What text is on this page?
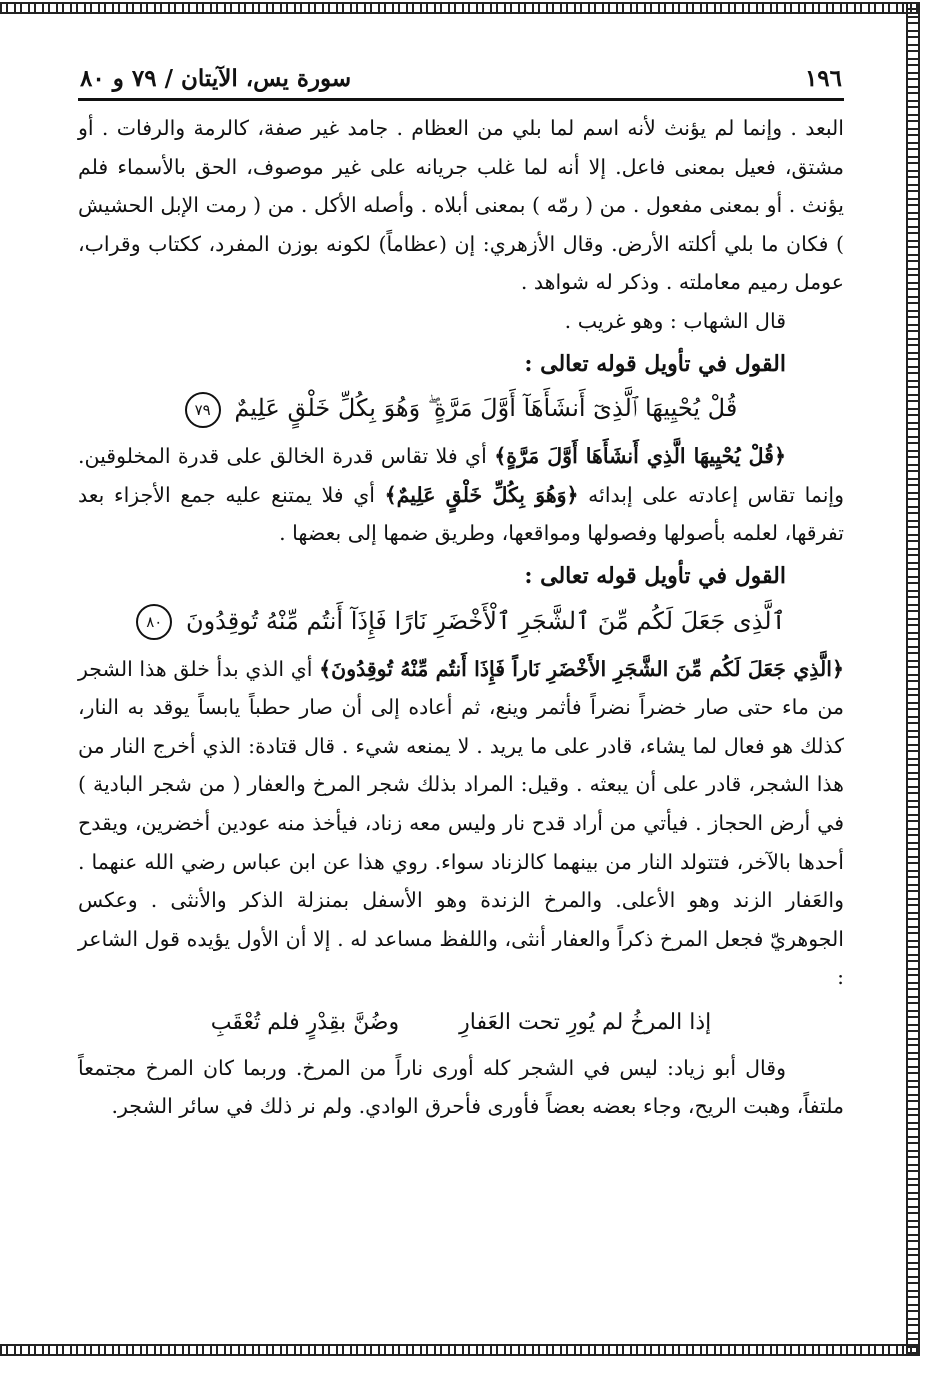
١٩٦
سورة يس، الآيتان / ٧٩ و ٨٠

البعد . وإنما لم يؤنث لأنه اسم لما بلي من العظام . جامد غير صفة، كالرمة والرفات . أو مشتق، فعيل بمعنى فاعل. إلا أنه لما غلب جريانه على غير موصوف، الحق بالأسماء فلم يؤنث . أو بمعنى مفعول . من ( رمّه ) بمعنى أبلاه . وأصله الأكل . من ( رمت الإبل الحشيش ) فكان ما بلي أكلته الأرض. وقال الأزهري: إن (عظاماً) لكونه بوزن المفرد، ككتاب وقراب، عومل رميم معاملته . وذكر له شواهد .

قال الشهاب : وهو غريب .

القول في تأويل قوله تعالى :

قُلْ يُحْيِيهَا ٱلَّذِىٓ أَنشَأَهَآ أَوَّلَ مَرَّةٍ ۖ وَهُوَ بِكُلِّ خَلْقٍ عَلِيمٌ ٧٩

﴿قُلْ يُحْيِيهَا الَّذِي أَنشَأَهَا أَوَّلَ مَرَّةٍ﴾ أي فلا تقاس قدرة الخالق على قدرة المخلوقين. وإنما تقاس إعادته على إبدائه ﴿وَهُوَ بِكُلِّ خَلْقٍ عَلِيمٌ﴾ أي فلا يمتنع عليه جمع الأجزاء بعد تفرقها، لعلمه بأصولها وفصولها ومواقعها، وطريق ضمها إلى بعضها .

القول في تأويل قوله تعالى :

ٱلَّذِى جَعَلَ لَكُم مِّنَ ٱلشَّجَرِ ٱلْأَخْضَرِ نَارًا فَإِذَآ أَنتُم مِّنْهُ تُوقِدُونَ ٨٠

﴿الَّذِي جَعَلَ لَكُم مِّنَ الشَّجَرِ الأَخْضَرِ نَاراً فَإِذَا أَنتُم مِّنْهُ تُوقِدُونَ﴾ أي الذي بدأ خلق هذا الشجر من ماء حتى صار خضراً نضراً فأثمر وينع، ثم أعاده إلى أن صار حطباً يابساً يوقد به النار، كذلك هو فعال لما يشاء، قادر على ما يريد . لا يمنعه شيء . قال قتادة: الذي أخرج النار من هذا الشجر، قادر على أن يبعثه . وقيل: المراد بذلك شجر المرخ والعفار ( من شجر البادية ) في أرض الحجاز . فيأتي من أراد قدح نار وليس معه زناد، فيأخذ منه عودين أخضرين، ويقدح أحدها بالآخر، فتتولد النار من بينهما كالزناد سواء. روي هذا عن ابن عباس رضي الله عنهما . والعَفار الزند وهو الأعلى. والمرخ الزندة وهو الأسفل بمنزلة الذكر والأنثى . وعكس الجوهريّ فجعل المرخ ذكراً والعفار أنثى، واللفظ مساعد له . إلا أن الأول يؤيده قول الشاعر :

إذا المرخُ لم يُورِ تحت العَفارِ
وضُنَّ بقِدْرٍ فلم تُعْقَبِ

وقال أبو زياد: ليس في الشجر كله أورى ناراً من المرخ. وربما كان المرخ مجتمعاً ملتفاً، وهبت الريح، وجاء بعضه بعضاً فأورى فأحرق الوادي. ولم نر ذلك في سائر الشجر.
